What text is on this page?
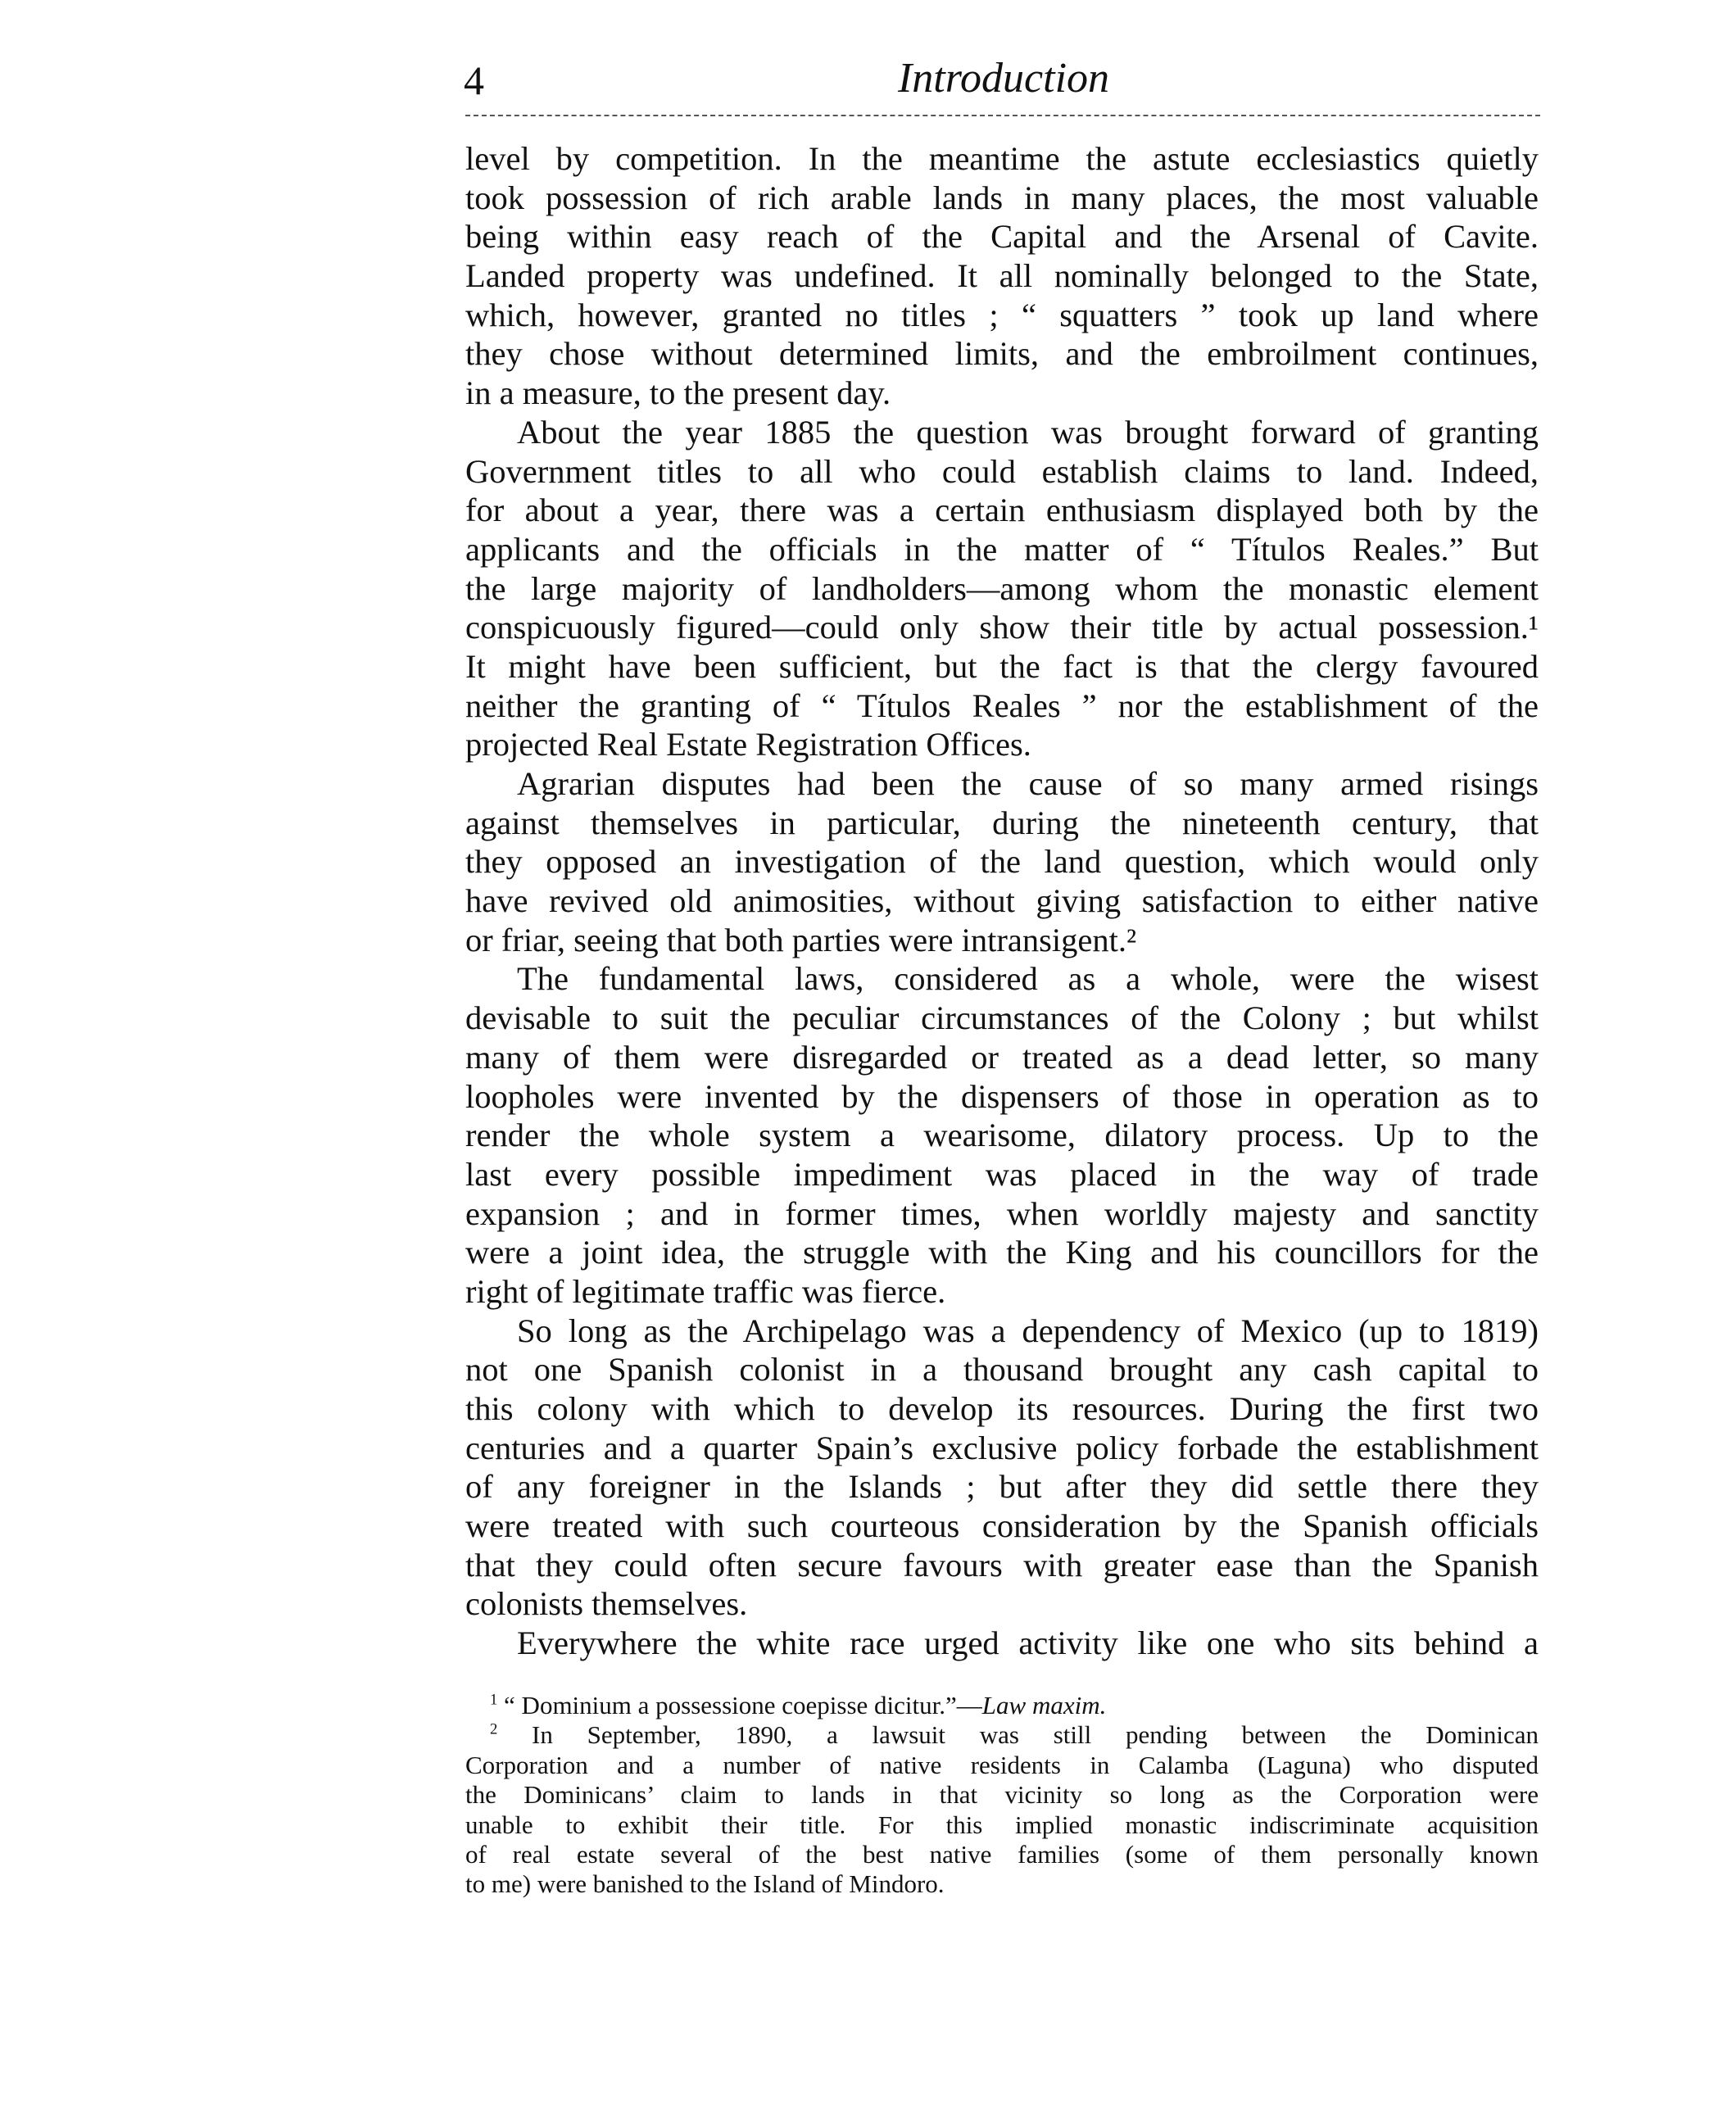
4	Introduction
level by competition. In the meantime the astute ecclesiastics quietly
took possession of rich arable lands in many places, the most valuable
being within easy reach of the Capital and the Arsenal of Cavite.
Landed property was undefined. It all nominally belonged to the State,
which, however, granted no titles ; “ squatters ” took up land where
they chose without determined limits, and the embroilment continues,
in a measure, to the present day.
About the year 1885 the question was brought forward of granting
Government titles to all who could establish claims to land. Indeed,
for about a year, there was a certain enthusiasm displayed both by the
applicants and the officials in the matter of “ Títulos Reales.” But
the large majority of landholders—among whom the monastic element
conspicuously figured—could only show their title by actual possession.¹
It might have been sufficient, but the fact is that the clergy favoured
neither the granting of “ Títulos Reales ” nor the establishment of the
projected Real Estate Registration Offices.
Agrarian disputes had been the cause of so many armed risings
against themselves in particular, during the nineteenth century, that
they opposed an investigation of the land question, which would only
have revived old animosities, without giving satisfaction to either native
or friar, seeing that both parties were intransigent.²
The fundamental laws, considered as a whole, were the wisest
devisable to suit the peculiar circumstances of the Colony ; but whilst
many of them were disregarded or treated as a dead letter, so many
loopholes were invented by the dispensers of those in operation as to
render the whole system a wearisome, dilatory process. Up to the
last every possible impediment was placed in the way of trade
expansion ; and in former times, when worldly majesty and sanctity
were a joint idea, the struggle with the King and his councillors for the
right of legitimate traffic was fierce.
So long as the Archipelago was a dependency of Mexico (up to 1819)
not one Spanish colonist in a thousand brought any cash capital to
this colony with which to develop its resources. During the first two
centuries and a quarter Spain’s exclusive policy forbade the establishment
of any foreigner in the Islands ; but after they did settle there they
were treated with such courteous consideration by the Spanish officials
that they could often secure favours with greater ease than the Spanish
colonists themselves.
Everywhere the white race urged activity like one who sits behind a
$^1$ “ Dominium a possessione coepisse dicitur.”—Law maxim.
$^2$ In September, 1890, a lawsuit was still pending between the Dominican
Corporation and a number of native residents in Calamba (Laguna) who disputed
the Dominicans’ claim to lands in that vicinity so long as the Corporation were
unable to exhibit their title. For this implied monastic indiscriminate acquisition
of real estate several of the best native families (some of them personally known
to me) were banished to the Island of Mindoro.
